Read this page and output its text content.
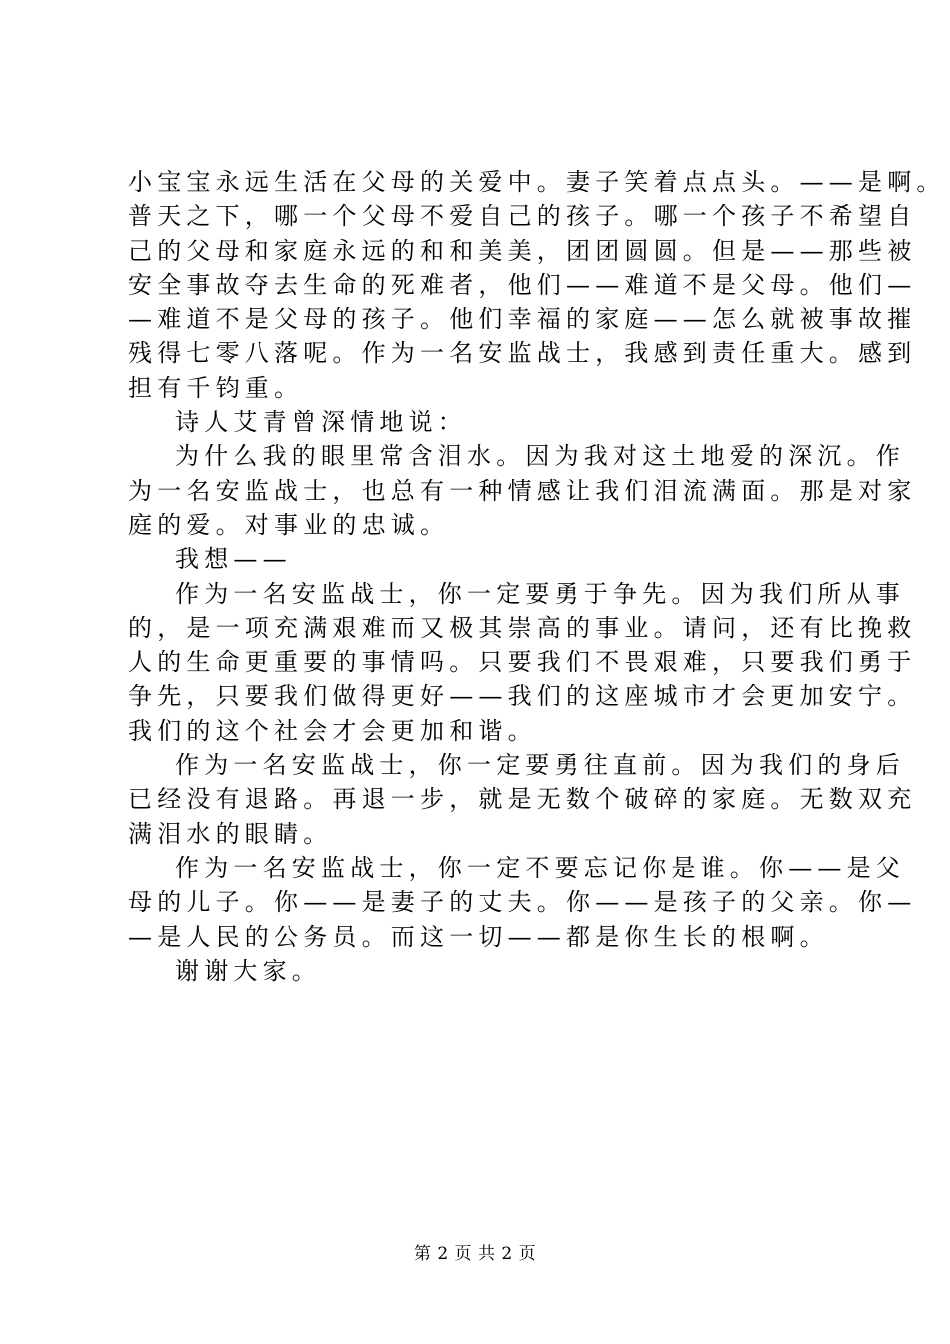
小宝宝永远生活在父母的关爱中。妻子笑着点点头。——是啊。
普天之下，哪一个父母不爱自己的孩子。哪一个孩子不希望自
己的父母和家庭永远的和和美美，团团圆圆。但是——那些被
安全事故夺去生命的死难者，他们——难道不是父母。他们—
—难道不是父母的孩子。他们幸福的家庭——怎么就被事故摧
残得七零八落呢。作为一名安监战士，我感到责任重大。感到
担有千钧重。
诗人艾青曾深情地说：
为什么我的眼里常含泪水。因为我对这土地爱的深沉。作
为一名安监战士，也总有一种情感让我们泪流满面。那是对家
庭的爱。对事业的忠诚。
我想——
作为一名安监战士，你一定要勇于争先。因为我们所从事
的，是一项充满艰难而又极其崇高的事业。请问，还有比挽救
人的生命更重要的事情吗。只要我们不畏艰难，只要我们勇于
争先，只要我们做得更好——我们的这座城市才会更加安宁。
我们的这个社会才会更加和谐。
作为一名安监战士，你一定要勇往直前。因为我们的身后
已经没有退路。再退一步，就是无数个破碎的家庭。无数双充
满泪水的眼睛。
作为一名安监战士，你一定不要忘记你是谁。你——是父
母的儿子。你——是妻子的丈夫。你——是孩子的父亲。你—
—是人民的公务员。而这一切——都是你生长的根啊。
谢谢大家。
第 2 页 共 2 页
